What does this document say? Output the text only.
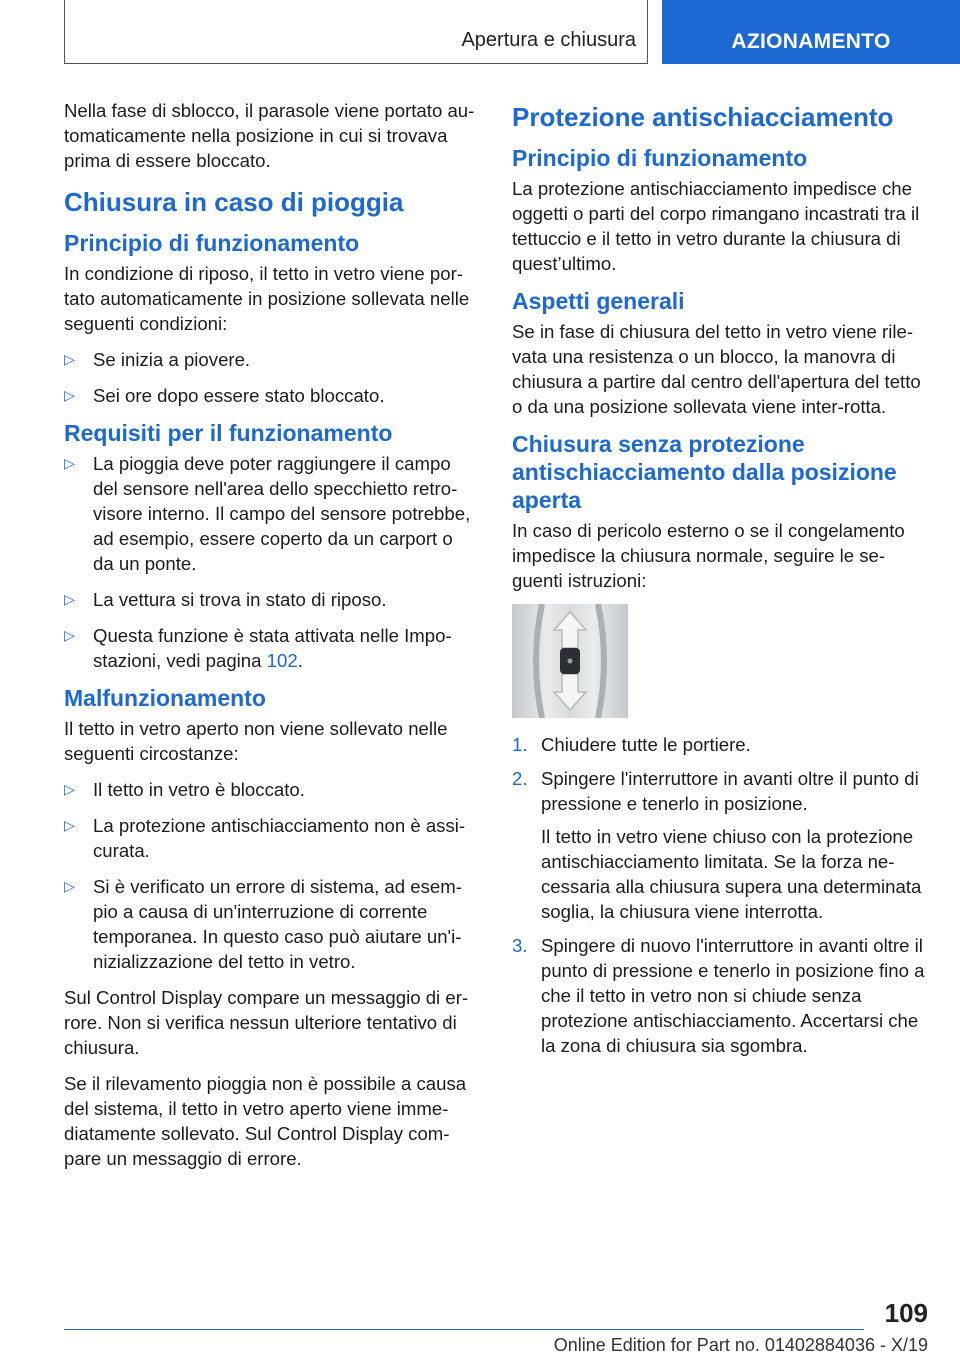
Apertura e chiusura	AZIONAMENTO

Nella fase di sblocco, il parasole viene portato au-tomaticamente nella posizione in cui si trovava prima di essere bloccato.

Chiusura in caso di pioggia
Principio di funzionamento

In condizione di riposo, il tetto in vetro viene por-tato automaticamente in posizione sollevata nelle seguenti condizioni:

▷ Se inizia a piovere.
▷ Sei ore dopo essere stato bloccato.
Requisiti per il funzionamento
▷ La pioggia deve poter raggiungere il campo del sensore nell'area dello specchietto retro-visore interno. Il campo del sensore potrebbe, ad esempio, essere coperto da un carport o da un ponte.
▷ La vettura si trova in stato di riposo.
▷ Questa funzione è stata attivata nelle Impo-stazioni, vedi pagina 102.
Malfunzionamento

Il tetto in vetro aperto non viene sollevato nelle seguenti circostanze:

▷ Il tetto in vetro è bloccato.
▷ La protezione antischiacciamento non è assi-curata.
▷ Si è verificato un errore di sistema, ad esem-pio a causa di un'interruzione di corrente temporanea. In questo caso può aiutare un'i-nizializzazione del tetto in vetro.

Sul Control Display compare un messaggio di er-rore. Non si verifica nessun ulteriore tentativo di chiusura.

Se il rilevamento pioggia non è possibile a causa del sistema, il tetto in vetro aperto viene imme-diatamente sollevato. Sul Control Display com-pare un messaggio di errore.

Protezione antischiacciamento
Principio di funzionamento

La protezione antischiacciamento impedisce che oggetti o parti del corpo rimangano incastrati tra il tettuccio e il tetto in vetro durante la chiusura di quest’ultimo.

Aspetti generali

Se in fase di chiusura del tetto in vetro viene rile-vata una resistenza o un blocco, la manovra di chiusura a partire dal centro dell'apertura del tetto o da una posizione sollevata viene inter-rotta.

Chiusura senza protezione antischiacciamento dalla posizione aperta

In caso di pericolo esterno o se il congelamento impedisce la chiusura normale, seguire le se-guenti istruzioni:

1. Chiudere tutte le portiere.
2. Spingere l'interruttore in avanti oltre il punto di pressione e tenerlo in posizione.
Il tetto in vetro viene chiuso con la protezione antischiacciamento limitata. Se la forza ne-cessaria alla chiusura supera una determinata soglia, la chiusura viene interrotta.
3. Spingere di nuovo l'interruttore in avanti oltre il punto di pressione e tenerlo in posizione fino a che il tetto in vetro non si chiude senza protezione antischiacciamento. Accertarsi che la zona di chiusura sia sgombra.
109
Online Edition for Part no. 01402884036 - X/19
